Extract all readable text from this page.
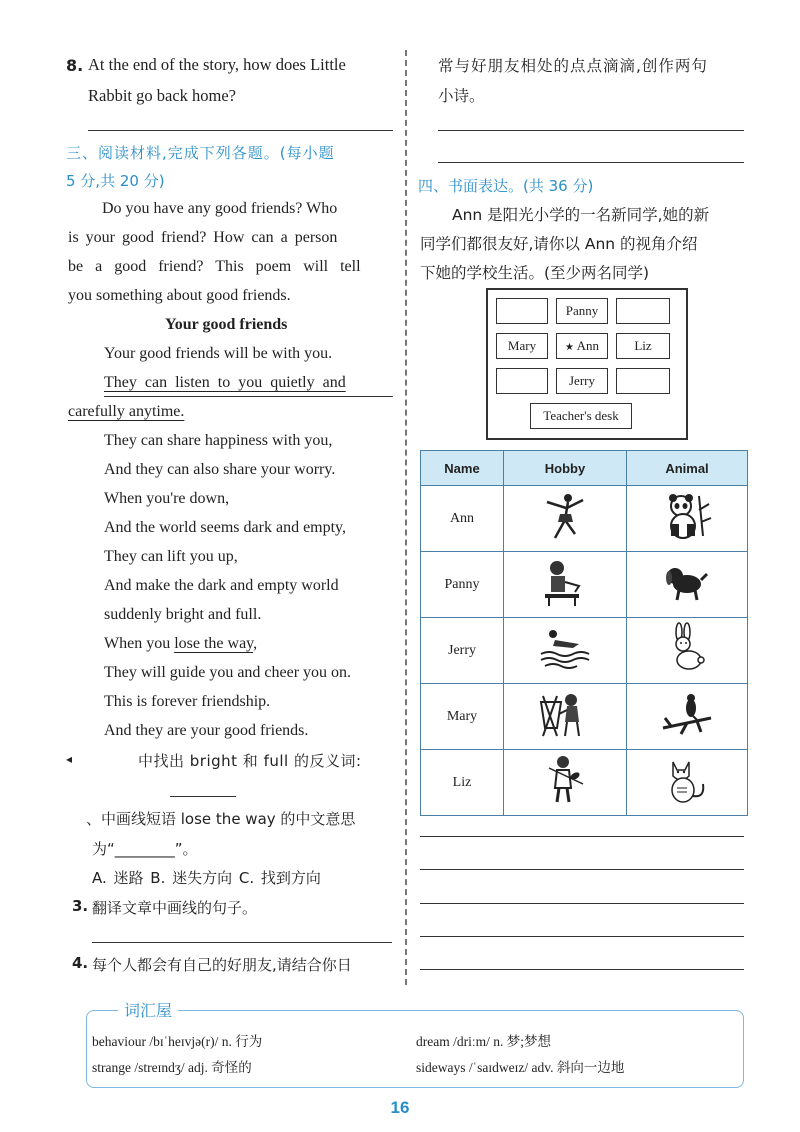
8. At the end of the story, how does Little
Rabbit go back home?
三、阅读材料,完成下列各题。(每小题
5 分,共 20 分)
Do you have any good friends? Who
is your good friend? How can a person
be a good friend? This poem will tell
you something about good friends.
Your good friends
Your good friends will be with you.
They can listen to you quietly and
carefully anytime.
They can share happiness with you,
And they can also share your worry.
When you're down,
And the world seems dark and empty,
They can lift you up,
And make the dark and empty world
suddenly bright and full.
When you lose the way,
They will guide you and cheer you on.
This is forever friendship.
And they are your good friends.
◂	中找出 bright 和 full 的反义词:
、中画线短语 lose the way 的中文意思
为“________”。
A. 迷路 B. 迷失方向 C. 找到方向
3. 翻译文章中画线的句子。
4. 每个人都会有自己的好朋友,请结合你日
常与好朋友相处的点点滴滴,创作两句
小诗。
四、书面表达。(共 36 分)
Ann 是阳光小学的一名新同学,她的新
同学们都很友好,请你以 Ann 的视角介绍
下她的学校生活。(至少两名同学)
Panny
Mary	★ Ann	Liz
Jerry
Teacher's desk
Name	Hobby	Animal
Ann		
Panny		
Jerry		
Mary		
Liz		
词汇屋
behaviour /bɪˈheɪvjə(r)/ n. 行为
strange /streɪndʒ/ adj. 奇怪的
dream /driːm/ n. 梦;梦想
sideways /ˈsaɪdweɪz/ adv. 斜向一边地
16
